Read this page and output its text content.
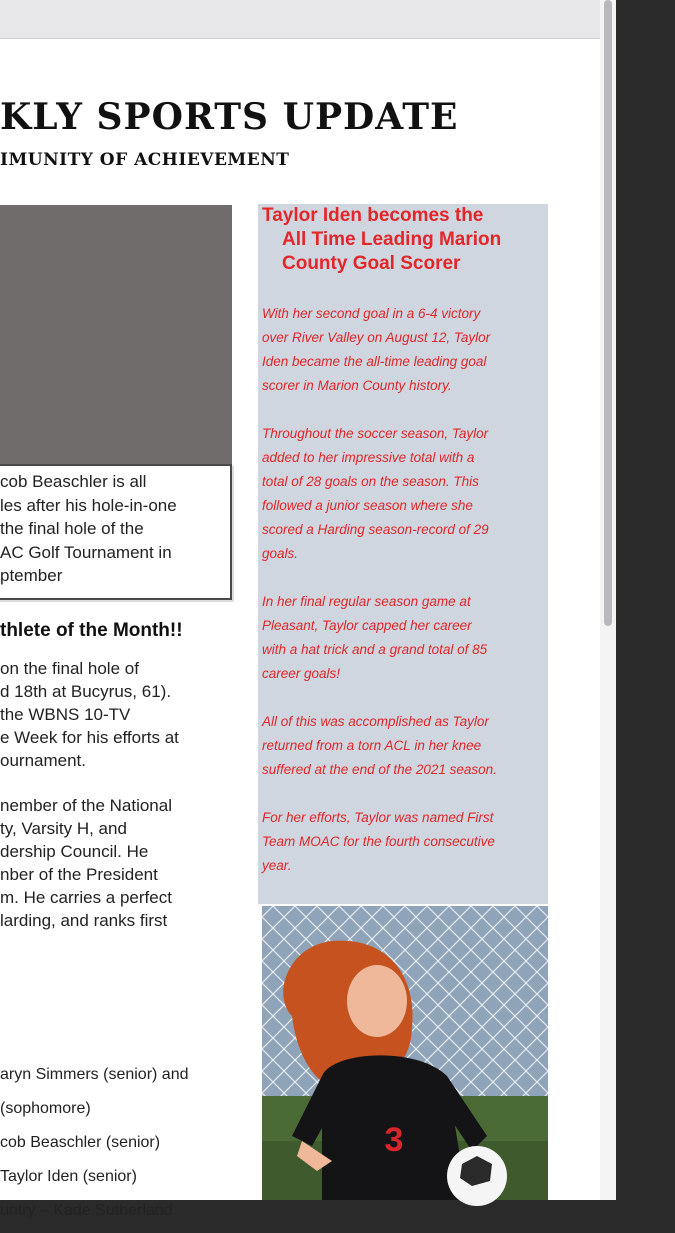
KLY SPORTS UPDATE
IMUNITY OF ACHIEVEMENT
cob Beaschler is all
les after his hole-in-one
the final hole of the
AC Golf Tournament in
ptember
thlete of the Month!!
on the final hole of
d 18th at Bucyrus, 61).
the WBNS 10-TV
e Week for his efforts at
ournament.
nember of the National
ty, Varsity H, and
dership Council. He
nber of the President
m. He carries a perfect
larding, and ranks first
aryn Simmers (senior) and
(sophomore)
cob Beaschler (senior)
Taylor Iden (senior)
untry – Kade Sutherland
Taylor Iden becomes the
All Time Leading Marion
County Goal Scorer
With her second goal in a 6-4 victory
over River Valley on August 12, Taylor
Iden became the all-time leading goal
scorer in Marion County history.
Throughout the soccer season, Taylor
added to her impressive total with a
total of 28 goals on the season. This
followed a junior season where she
scored a Harding season-record of 29
goals.
In her final regular season game at
Pleasant, Taylor capped her career
with a hat trick and a grand total of 85
career goals!
All of this was accomplished as Taylor
returned from a torn ACL in her knee
suffered at the end of the 2021 season.
For her efforts, Taylor was named First
Team MOAC for the fourth consecutive
year.
3
